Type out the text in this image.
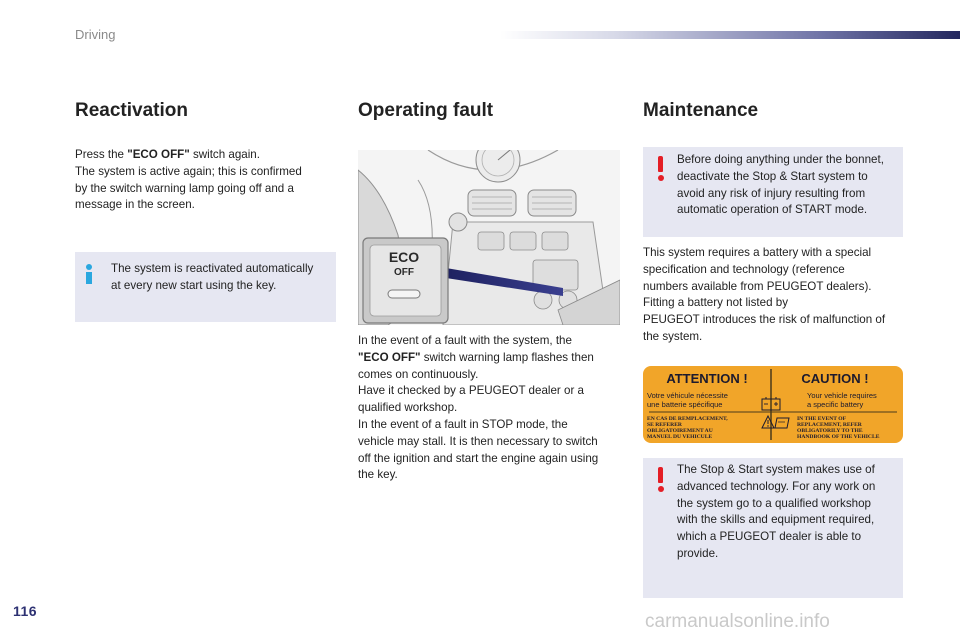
Driving
Reactivation
Press the "ECO OFF" switch again.
The system is active again; this is confirmed
by the switch warning lamp going off and a
message in the screen.
The system is reactivated automatically
at every new start using the key.
Operating fault
ECO
OFF
In the event of a fault with the system, the
"ECO OFF" switch warning lamp flashes then
comes on continuously.
Have it checked by a PEUGEOT dealer or a
qualified workshop.
In the event of a fault in STOP mode, the
vehicle may stall. It is then necessary to switch
off the ignition and start the engine again using
the key.
Maintenance
Before doing anything under the bonnet,
deactivate the Stop & Start system to
avoid any risk of injury resulting from
automatic operation of START mode.
This system requires a battery with a special
specification and technology (reference
numbers available from PEUGEOT dealers).
Fitting a battery not listed by
PEUGEOT introduces the risk of malfunction of
the system.
ATTENTION !	CAUTION !
Votre véhicule nécessite
une batterie spécifique
Your vehicle requires
a specific battery
EN CAS DE REMPLACEMENT,
SE REFERER
OBLIGATOIREMENT AU
MANUEL DU VEHICULE
IN THE EVENT OF
REPLACEMENT, REFER
OBLIGATORILY TO THE
HANDBOOK OF THE VEHICLE
The Stop & Start system makes use of
advanced technology. For any work on
the system go to a qualified workshop
with the skills and equipment required,
which a PEUGEOT dealer is able to
provide.
116	carmanualsonline.info
